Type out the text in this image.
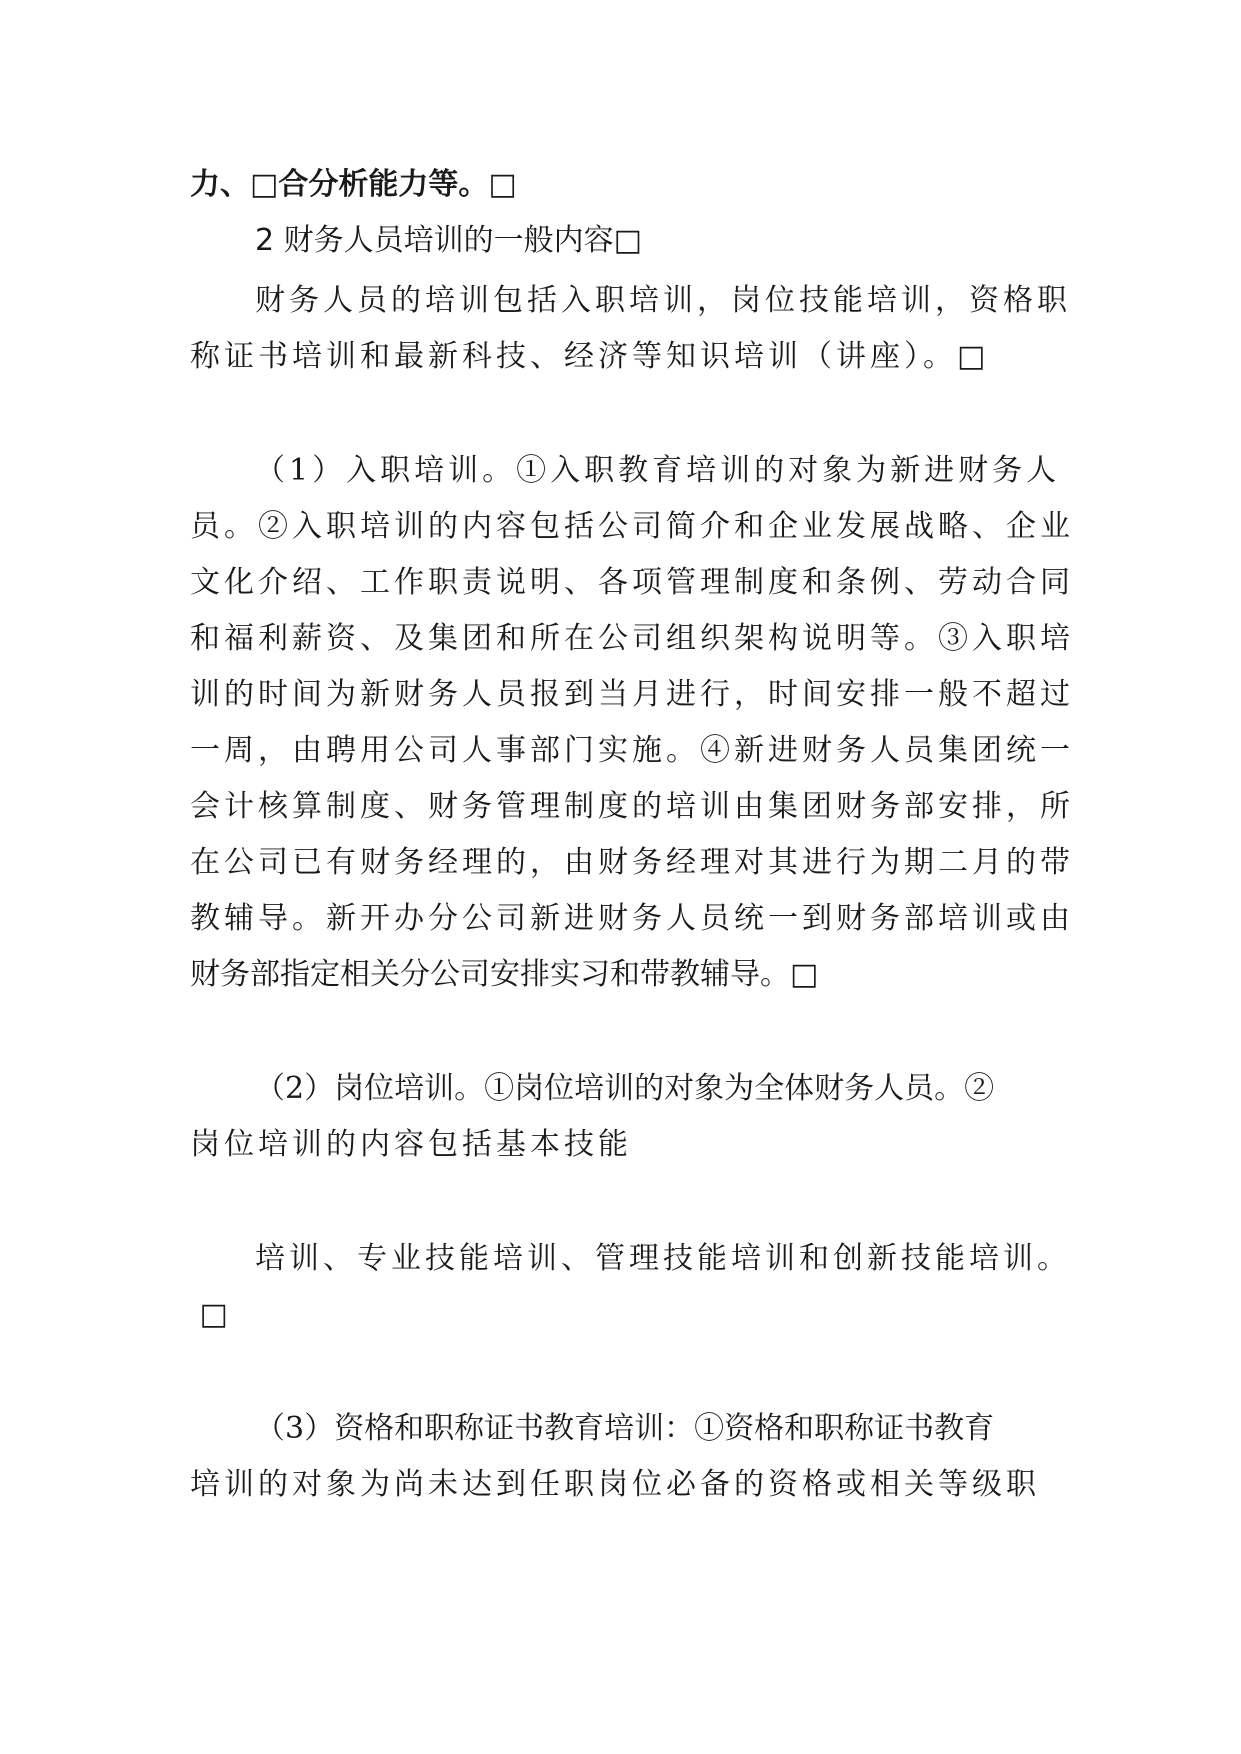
力、□合分析能力等。□

2 财务人员培训的一般内容□

财务人员的培训包括入职培训，岗位技能培训，资格职

称证书培训和最新科技、经济等知识培训（讲座）。□

（1）入职培训。①入职教育培训的对象为新进财务人

员。②入职培训的内容包括公司简介和企业发展战略、企业

文化介绍、工作职责说明、各项管理制度和条例、劳动合同

和福利薪资、及集团和所在公司组织架构说明等。③入职培

训的时间为新财务人员报到当月进行，时间安排一般不超过

一周，由聘用公司人事部门实施。④新进财务人员集团统一

会计核算制度、财务管理制度的培训由集团财务部安排，所

在公司已有财务经理的，由财务经理对其进行为期二月的带

教辅导。新开办分公司新进财务人员统一到财务部培训或由

财务部指定相关分公司安排实习和带教辅导。□

（2）岗位培训。①岗位培训的对象为全体财务人员。②

岗位培训的内容包括基本技能

培训、专业技能培训、管理技能培训和创新技能培训。

□

（3）资格和职称证书教育培训：①资格和职称证书教育

培训的对象为尚未达到任职岗位必备的资格或相关等级职
